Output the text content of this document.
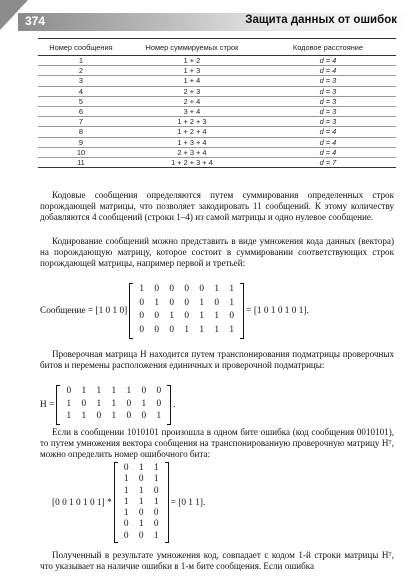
374	Защита данных от ошибок
Номер сообщения	Номер суммируемых строк	Кодовое расстояние
1	1 + 2	d = 4
2	1 + 3	d = 4
3	1 + 4	d = 3
4	2 + 3	d = 3
5	2 + 4	d = 3
6	3 + 4	d = 3
7	1 + 2 + 3	d = 3
8	1 + 2 + 4	d = 4
9	1 + 3 + 4	d = 4
10	2 + 3 + 4	d = 4
11	1 + 2 + 3 + 4	d = 7

Кодовые сообщения определяются путем суммирования определенных строк порождающей матрицы, что позволяет закодировать 11 сообщений. К этому количеству добавляются 4 сообщений (строки 1–4) из самой матрицы и одно нулевое сообщение.

Кодирование сообщений можно представить в виде умножения кода данных (вектора) на порождающую матрицу, которое состоит в суммировании соответствующих строк порождающей матрицы, например первой и третьей:

Сообщение = [1 0 1 0]
1	0	0	0	0	1	1
0	1	0	0	1	0	1
0	0	1	0	1	1	0
0	0	0	1	1	1	1
= [1 0 1 0 1 0 1].

Проверочная матрица H находится путем транспонирования подматрицы проверочных битов и перемены расположения единичных и проверочной подматрицы:

H =
0	1	1	1	1	0	0
1	0	1	1	0	1	0
1	1	0	1	0	0	1
.

Если в сообщении 1010101 произошла в одном бите ошибка (код сообщения 0010101), то путем умножения вектора сообщения на транспонированную проверочную матрицу Hᵀ, можно определить номер ошибочного бита:

[0 0 1 0 1 0 1] *
0	1	1
1	0	1
1	1	0
1	1	1
1	0	0
0	1	0
0	0	1
= [0 1 1].

Полученный в результате умножения код, совпадает с кодом 1-й строки матрицы Hᵀ, что указывает на наличие ошибки в 1-м бите сообщения. Если ошибка
